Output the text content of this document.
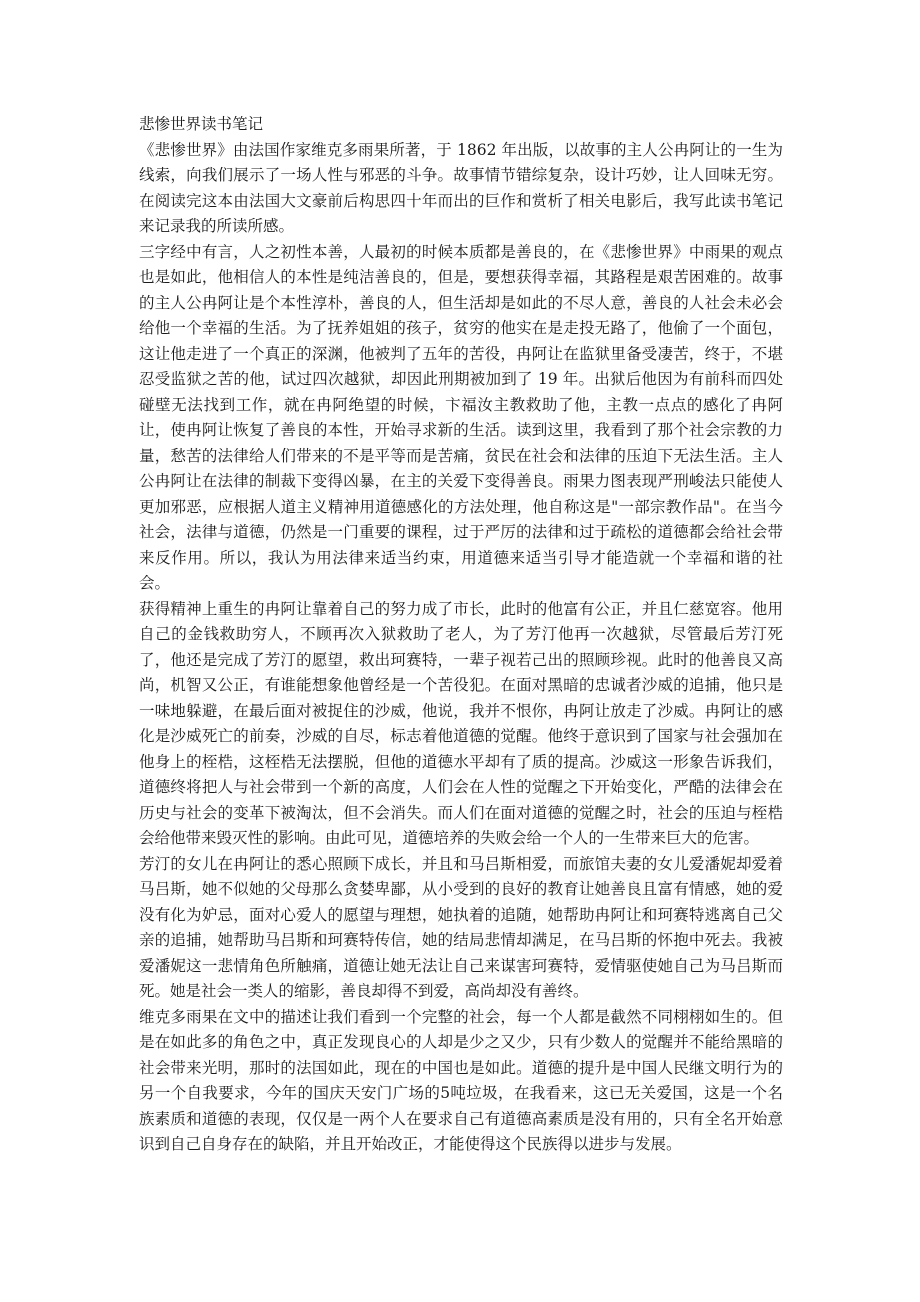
悲惨世界读书笔记

《悲惨世界》由法国作家维克多雨果所著，于 1862 年出版，以故事的主人公冉阿让的一生为线索，向我们展示了一场人性与邪恶的斗争。故事情节错综复杂，设计巧妙，让人回味无穷。在阅读完这本由法国大文豪前后构思四十年而出的巨作和赏析了相关电影后，我写此读书笔记来记录我的所读所感。

三字经中有言，人之初性本善，人最初的时候本质都是善良的，在《悲惨世界》中雨果的观点也是如此，他相信人的本性是纯洁善良的，但是，要想获得幸福，其路程是艰苦困难的。故事的主人公冉阿让是个本性淳朴，善良的人，但生活却是如此的不尽人意，善良的人社会未必会给他一个幸福的生活。为了抚养姐姐的孩子，贫穷的他实在是走投无路了，他偷了一个面包，这让他走进了一个真正的深渊，他被判了五年的苦役，冉阿让在监狱里备受凄苦，终于，不堪忍受监狱之苦的他，试过四次越狱，却因此刑期被加到了 19 年。出狱后他因为有前科而四处碰壁无法找到工作，就在冉阿绝望的时候，卞福汝主教救助了他，主教一点点的感化了冉阿让，使冉阿让恢复了善良的本性，开始寻求新的生活。读到这里，我看到了那个社会宗教的力量，愁苦的法律给人们带来的不是平等而是苦痛，贫民在社会和法律的压迫下无法生活。主人公冉阿让在法律的制裁下变得凶暴，在主的关爱下变得善良。雨果力图表现严刑峻法只能使人更加邪恶，应根据人道主义精神用道德感化的方法处理，他自称这是"一部宗教作品"。在当今社会，法律与道德，仍然是一门重要的课程，过于严厉的法律和过于疏松的道德都会给社会带来反作用。所以，我认为用法律来适当约束，用道德来适当引导才能造就一个幸福和谐的社会。

获得精神上重生的冉阿让靠着自己的努力成了市长，此时的他富有公正，并且仁慈宽容。他用自己的金钱救助穷人，不顾再次入狱救助了老人，为了芳汀他再一次越狱，尽管最后芳汀死了，他还是完成了芳汀的愿望，救出珂赛特，一辈子视若己出的照顾珍视。此时的他善良又高尚，机智又公正，有谁能想象他曾经是一个苦役犯。在面对黑暗的忠诚者沙威的追捕，他只是一味地躲避，在最后面对被捉住的沙威，他说，我并不恨你，冉阿让放走了沙威。冉阿让的感化是沙威死亡的前奏，沙威的自尽，标志着他道德的觉醒。他终于意识到了国家与社会强加在他身上的桎梏，这桎梏无法摆脱，但他的道德水平却有了质的提高。沙威这一形象告诉我们，道德终将把人与社会带到一个新的高度，人们会在人性的觉醒之下开始变化，严酷的法律会在历史与社会的变革下被淘汰，但不会消失。而人们在面对道德的觉醒之时，社会的压迫与桎梏会给他带来毁灭性的影响。由此可见，道德培养的失败会给一个人的一生带来巨大的危害。

芳汀的女儿在冉阿让的悉心照顾下成长，并且和马吕斯相爱，而旅馆夫妻的女儿爱潘妮却爱着马吕斯，她不似她的父母那么贪婪卑鄙，从小受到的良好的教育让她善良且富有情感，她的爱没有化为妒忌，面对心爱人的愿望与理想，她执着的追随，她帮助冉阿让和珂赛特逃离自己父亲的追捕，她帮助马吕斯和珂赛特传信，她的结局悲情却满足，在马吕斯的怀抱中死去。我被爱潘妮这一悲情角色所触痛，道德让她无法让自己来谋害珂赛特，爱情驱使她自己为马吕斯而死。她是社会一类人的缩影，善良却得不到爱，高尚却没有善终。

维克多雨果在文中的描述让我们看到一个完整的社会，每一个人都是截然不同栩栩如生的。但是在如此多的角色之中，真正发现良心的人却是少之又少，只有少数人的觉醒并不能给黑暗的社会带来光明，那时的法国如此，现在的中国也是如此。道德的提升是中国人民继文明行为的另一个自我要求，今年的国庆天安门广场的5吨垃圾，在我看来，这已无关爱国，这是一个名族素质和道德的表现，仅仅是一两个人在要求自己有道德高素质是没有用的，只有全名开始意识到自己自身存在的缺陷，并且开始改正，才能使得这个民族得以进步与发展。
